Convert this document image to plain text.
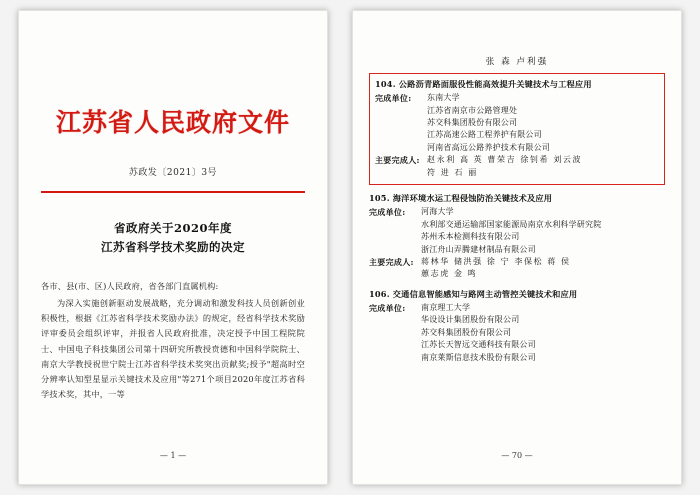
江苏省人民政府文件
苏政发〔2021〕3号
省政府关于2020年度
江苏省科学技术奖励的决定

各市、县(市、区)人民政府，省各部门直属机构:

为深入实施创新驱动发展战略，充分调动和激发科技人员创新创业积极性，根据《江苏省科学技术奖励办法》的规定，经省科学技术奖励评审委员会组织评审，并报省人民政府批准，决定授予中国工程院院士、中国电子科技集团公司第十四研究所教授贲德和中国科学院院士、南京大学教授祝世宁院士江苏省科学技术奖突出贡献奖;授予"超高时空分辨率认知型星显示关键技术及应用"等271个项目2020年度江苏省科学技术奖，其中，一等

— 1 —
张 森 卢利强
104. 公路沥青路面服役性能高效提升关键技术与工程应用
完成单位:	东南大学
江苏省南京市公路管理处
苏交科集团股份有限公司
江苏高速公路工程养护有限公司
河南省高远公路养护技术有限公司
主要完成人: 赵永利 高 英 曹荣吉 徐钊希 刘云波
符 进 石 丽
105. 海洋环境水运工程侵蚀防治关键技术及应用
完成单位:	河海大学
水利部交通运输部国家能源局南京水利科学研究院
苏州禾本检测科技有限公司
浙江舟山弄腾建材制品有限公司
主要完成人: 蒋林华 储洪强 徐 宁 李保松 蒋 侯
蕙志虎 金 鸣
106. 交通信息智能感知与路网主动管控关键技术和应用
完成单位:	南京理工大学
华设设计集团股份有限公司
苏交科集团股份有限公司
江苏长天智远交通科技有限公司
南京莱斯信息技术股份有限公司
— 70 —
